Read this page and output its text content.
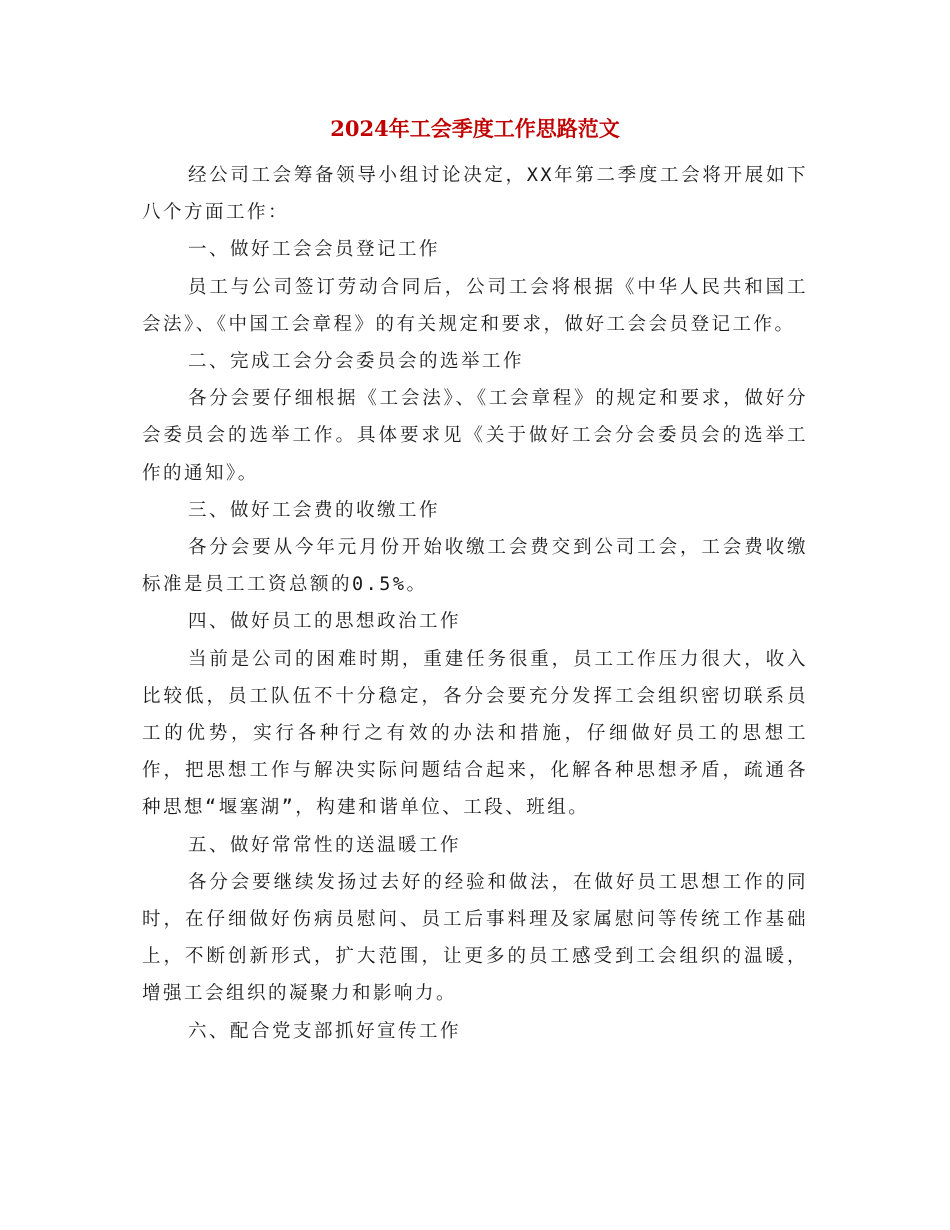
2024年工会季度工作思路范文

经公司工会筹备领导小组讨论决定，XX年第二季度工会将开展如下八个方面工作：

一、做好工会会员登记工作

员工与公司签订劳动合同后，公司工会将根据《中华人民共和国工会法》、《中国工会章程》的有关规定和要求，做好工会会员登记工作。

二、完成工会分会委员会的选举工作

各分会要仔细根据《工会法》、《工会章程》的规定和要求，做好分会委员会的选举工作。具体要求见《关于做好工会分会委员会的选举工作的通知》。

三、做好工会费的收缴工作

各分会要从今年元月份开始收缴工会费交到公司工会，工会费收缴标准是员工工资总额的0.5%。

四、做好员工的思想政治工作

当前是公司的困难时期，重建任务很重，员工工作压力很大，收入比较低，员工队伍不十分稳定，各分会要充分发挥工会组织密切联系员工的优势，实行各种行之有效的办法和措施，仔细做好员工的思想工作，把思想工作与解决实际问题结合起来，化解各种思想矛盾，疏通各种思想“堰塞湖”，构建和谐单位、工段、班组。

五、做好常常性的送温暖工作

各分会要继续发扬过去好的经验和做法，在做好员工思想工作的同时，在仔细做好伤病员慰问、员工后事料理及家属慰问等传统工作基础上，不断创新形式，扩大范围，让更多的员工感受到工会组织的温暖，增强工会组织的凝聚力和影响力。

六、配合党支部抓好宣传工作
